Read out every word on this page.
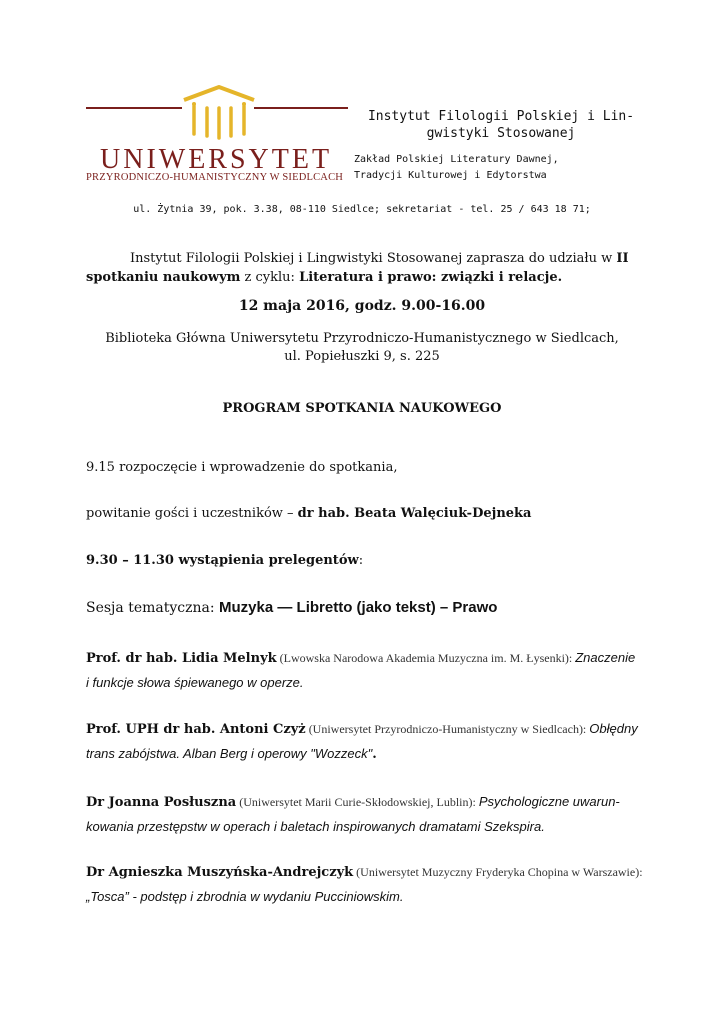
UNIWERSYTET
PRZYRODNICZO-HUMANISTYCZNY W SIEDLCACH
Instytut Filologii Polskiej i Lin-
gwistyki Stosowanej
Zakład Polskiej Literatury Dawnej,
Tradycji Kulturowej i Edytorstwa
ul. Żytnia 39, pok. 3.38, 08-110 Siedlce; sekretariat - tel. 25 / 643 18 71;
Instytut Filologii Polskiej i Lingwistyki Stosowanej zaprasza do udziału w II
spotkaniu naukowym z cyklu: Literatura i prawo: związki i relacje.
12 maja 2016, godz. 9.00-16.00
Biblioteka Główna Uniwersytetu Przyrodniczo-Humanistycznego w Siedlcach,
ul. Popiełuszki 9, s. 225
PROGRAM SPOTKANIA NAUKOWEGO
9.15 rozpoczęcie i wprowadzenie do spotkania,
powitanie gości i uczestników – dr hab. Beata Walęciuk-Dejneka
9.30 – 11.30 wystąpienia prelegentów:
Sesja tematyczna: Muzyka — Libretto (jako tekst) – Prawo
Prof. dr hab. Lidia Melnyk (Lwowska Narodowa Akademia Muzyczna im. M. Łysenki): Znaczenie
i funkcje słowa śpiewanego w operze.
Prof. UPH dr hab. Antoni Czyż (Uniwersytet Przyrodniczo-Humanistyczny w Siedlcach): Obłędny
trans zabójstwa. Alban Berg i operowy "Wozzeck".
Dr Joanna Posłuszna (Uniwersytet Marii Curie-Skłodowskiej, Lublin): Psychologiczne uwarun-
kowania przestępstw w operach i baletach inspirowanych dramatami Szekspira.
Dr Agnieszka Muszyńska-Andrejczyk (Uniwersytet Muzyczny Fryderyka Chopina w Warszawie):
„Tosca” - podstęp i zbrodnia w wydaniu Pucciniowskim.
